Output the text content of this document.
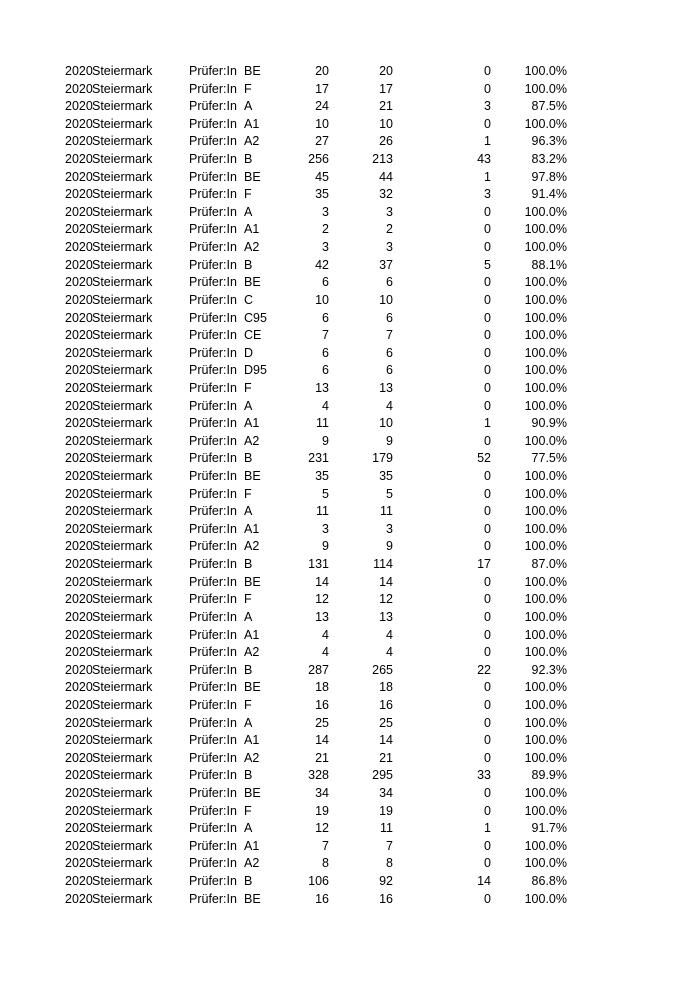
2020 Steiermark	Prüfer:In BE	20	20	0	100.0%
2020 Steiermark	Prüfer:In F	17	17	0	100.0%
2020 Steiermark	Prüfer:In A	24	21	3	87.5%
2020 Steiermark	Prüfer:In A1	10	10	0	100.0%
2020 Steiermark	Prüfer:In A2	27	26	1	96.3%
2020 Steiermark	Prüfer:In B	256	213	43	83.2%
2020 Steiermark	Prüfer:In BE	45	44	1	97.8%
2020 Steiermark	Prüfer:In F	35	32	3	91.4%
2020 Steiermark	Prüfer:In A	3	3	0	100.0%
2020 Steiermark	Prüfer:In A1	2	2	0	100.0%
2020 Steiermark	Prüfer:In A2	3	3	0	100.0%
2020 Steiermark	Prüfer:In B	42	37	5	88.1%
2020 Steiermark	Prüfer:In BE	6	6	0	100.0%
2020 Steiermark	Prüfer:In C	10	10	0	100.0%
2020 Steiermark	Prüfer:In C95	6	6	0	100.0%
2020 Steiermark	Prüfer:In CE	7	7	0	100.0%
2020 Steiermark	Prüfer:In D	6	6	0	100.0%
2020 Steiermark	Prüfer:In D95	6	6	0	100.0%
2020 Steiermark	Prüfer:In F	13	13	0	100.0%
2020 Steiermark	Prüfer:In A	4	4	0	100.0%
2020 Steiermark	Prüfer:In A1	11	10	1	90.9%
2020 Steiermark	Prüfer:In A2	9	9	0	100.0%
2020 Steiermark	Prüfer:In B	231	179	52	77.5%
2020 Steiermark	Prüfer:In BE	35	35	0	100.0%
2020 Steiermark	Prüfer:In F	5	5	0	100.0%
2020 Steiermark	Prüfer:In A	11	11	0	100.0%
2020 Steiermark	Prüfer:In A1	3	3	0	100.0%
2020 Steiermark	Prüfer:In A2	9	9	0	100.0%
2020 Steiermark	Prüfer:In B	131	114	17	87.0%
2020 Steiermark	Prüfer:In BE	14	14	0	100.0%
2020 Steiermark	Prüfer:In F	12	12	0	100.0%
2020 Steiermark	Prüfer:In A	13	13	0	100.0%
2020 Steiermark	Prüfer:In A1	4	4	0	100.0%
2020 Steiermark	Prüfer:In A2	4	4	0	100.0%
2020 Steiermark	Prüfer:In B	287	265	22	92.3%
2020 Steiermark	Prüfer:In BE	18	18	0	100.0%
2020 Steiermark	Prüfer:In F	16	16	0	100.0%
2020 Steiermark	Prüfer:In A	25	25	0	100.0%
2020 Steiermark	Prüfer:In A1	14	14	0	100.0%
2020 Steiermark	Prüfer:In A2	21	21	0	100.0%
2020 Steiermark	Prüfer:In B	328	295	33	89.9%
2020 Steiermark	Prüfer:In BE	34	34	0	100.0%
2020 Steiermark	Prüfer:In F	19	19	0	100.0%
2020 Steiermark	Prüfer:In A	12	11	1	91.7%
2020 Steiermark	Prüfer:In A1	7	7	0	100.0%
2020 Steiermark	Prüfer:In A2	8	8	0	100.0%
2020 Steiermark	Prüfer:In B	106	92	14	86.8%
2020 Steiermark	Prüfer:In BE	16	16	0	100.0%
